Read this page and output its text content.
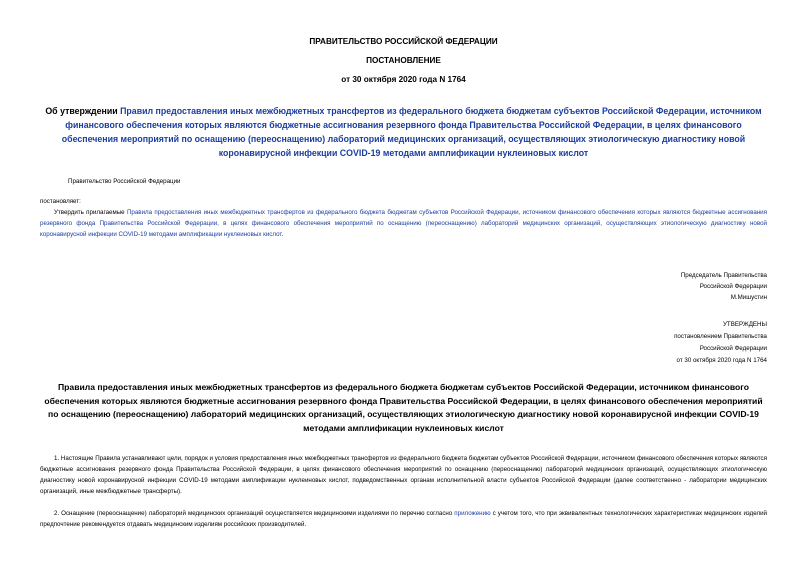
ПРАВИТЕЛЬСТВО РОССИЙСКОЙ ФЕДЕРАЦИИ
ПОСТАНОВЛЕНИЕ
от 30 октября 2020 года N 1764
Об утверждении Правил предоставления иных межбюджетных трансфертов из федерального бюджета бюджетам субъектов Российской Федерации, источником финансового обеспечения которых являются бюджетные ассигнования резервного фонда Правительства Российской Федерации, в целях финансового обеспечения мероприятий по оснащению (переоснащению) лабораторий медицинских организаций, осуществляющих этиологическую диагностику новой коронавирусной инфекции COVID-19 методами амплификации нуклеиновых кислот
Правительство Российской Федерации
постановляет:
Утвердить прилагаемые Правила предоставления иных межбюджетных трансфертов из федерального бюджета бюджетам субъектов Российской Федерации, источником финансового обеспечения которых являются бюджетные ассигнования резервного фонда Правительства Российской Федерации, в целях финансового обеспечения мероприятий по оснащению (переоснащению) лабораторий медицинских организаций, осуществляющих этиологическую диагностику новой коронавирусной инфекции COVID-19 методами амплификации нуклеиновых кислот.
Председатель Правительства
Российской Федерации
М.Мишустин
УТВЕРЖДЕНЫ
постановлением Правительства
Российской Федерации
от 30 октября 2020 года N 1764
Правила предоставления иных межбюджетных трансфертов из федерального бюджета бюджетам субъектов Российской Федерации, источником финансового обеспечения которых являются бюджетные ассигнования резервного фонда Правительства Российской Федерации, в целях финансового обеспечения мероприятий по оснащению (переоснащению) лабораторий медицинских организаций, осуществляющих этиологическую диагностику новой коронавирусной инфекции COVID-19 методами амплификации нуклеиновых кислот
1. Настоящие Правила устанавливают цели, порядок и условия предоставления иных межбюджетных трансфертов из федерального бюджета бюджетам субъектов Российской Федерации, источником финансового обеспечения которых являются бюджетные ассигнования резервного фонда Правительства Российской Федерации, в целях финансового обеспечения мероприятий по оснащению (переоснащению) лабораторий медицинских организаций, осуществляющих этиологическую диагностику новой коронавирусной инфекции COVID-19 методами амплификации нуклеиновых кислот, подведомственных органам исполнительной власти субъектов Российской Федерации (далее соответственно - лаборатории медицинских организаций, иные межбюджетные трансферты).
2. Оснащение (переоснащение) лабораторий медицинских организаций осуществляется медицинскими изделиями по перечню согласно приложению с учетом того, что при эквивалентных технологических характеристиках медицинских изделий предпочтение рекомендуется отдавать медицинским изделиям российских производителей.
